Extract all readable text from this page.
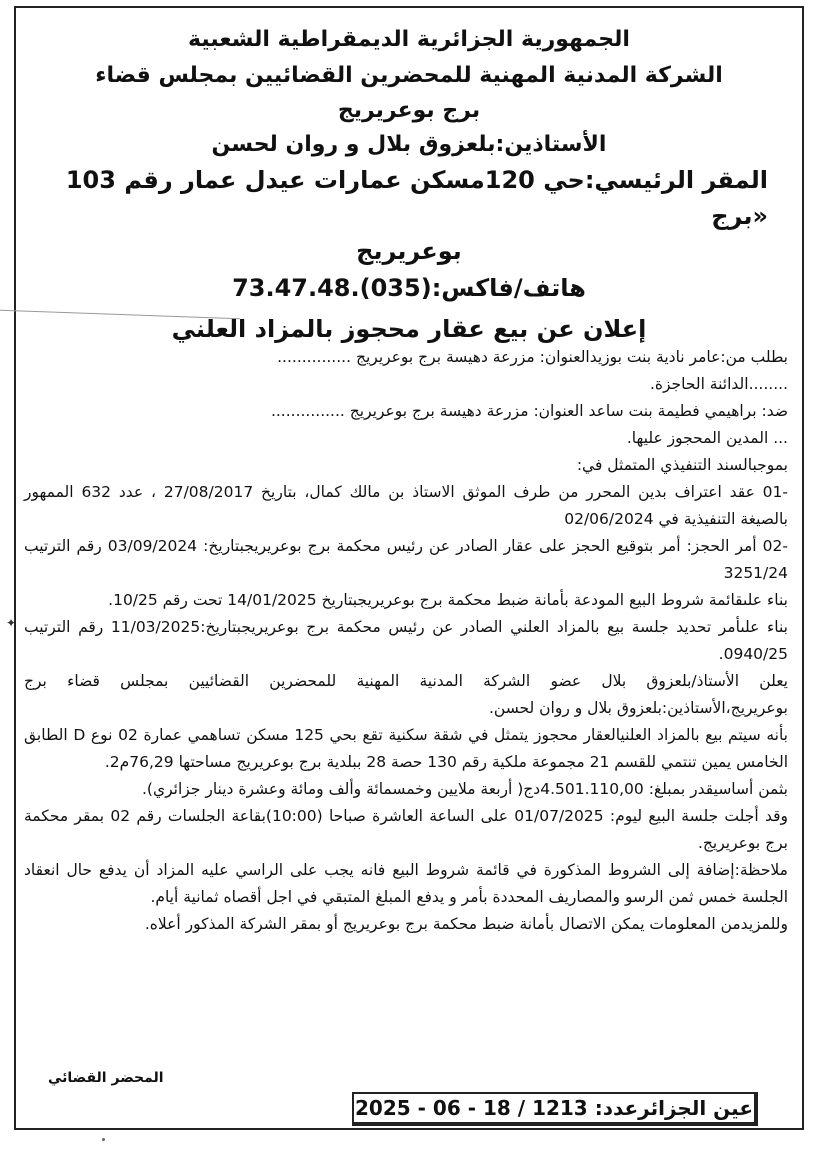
✦
الجمهورية الجزائرية الديمقراطية الشعبية
الشركة المدنية المهنية للمحضرين القضائيين بمجلس قضاء
برج بوعريريج
الأستاذين:بلعزوق بلال و روان لحسن
المقر الرئيسي:حي 120مسكن عمارات عيدل عمار رقم 103 «برج
بوعريريج
هاتف/فاكس:(035).73.47.48
إعلان عن بيع عقار محجوز بالمزاد العلني

بطلب من:عامر نادية بنت بوزيدالعنوان: مزرعة دهيسة برج بوعريريج ...............

........الدائنة الحاجزة.

ضد: براهيمي فطيمة بنت ساعد العنوان: مزرعة دهيسة برج بوعريريج ...............

... المدين المحجوز عليها.

بموجبالسند التنفيذي المتمثل في:

-01 عقد اعتراف بدين المحرر من طرف الموثق الاستاذ بن مالك كمال، بتاريخ 27/08/2017 ، عدد 632 الممهور بالصيغة التنفيذية في 02/06/2024

-02 أمر الحجز: أمر بتوقيع الحجز على عقار الصادر عن رئيس محكمة برج بوعريريجبتاريخ: 03/09/2024 رقم الترتيب 3251/24

بناء علىقائمة شروط البيع المودعة بأمانة ضبط محكمة برج بوعريريجبتاريخ 14/01/2025 تحت رقم 10/25.

بناء علىأمر تحديد جلسة بيع بالمزاد العلني الصادر عن رئيس محكمة برج بوعريريجبتاريخ:11/03/2025 رقم الترتيب 0940/25.

يعلن الأستاذ/بلعزوق بلال عضو الشركة المدنية المهنية للمحضرين القضائيين بمجلس قضاء برج بوعريريج،الأستاذين:بلعزوق بلال و روان لحسن.

بأنه سيتم بيع بالمزاد العلنيالعقار محجوز يتمثل في شقة سكنية تقع بحي 125 مسكن تساهمي عمارة 02 نوع D الطابق الخامس يمين تنتمي للقسم 21 مجموعة ملكية رقم 130 حصة 28 ببلدية برج بوعريريج مساحتها 76,29م2.

بثمن أساسيقدر بمبلغ: 4.501.110,00دج( أربعة ملايين وخمسمائة وألف ومائة وعشرة دينار جزائري).

وقد أجلت جلسة البيع ليوم: 01/07/2025 على الساعة العاشرة صباحا (10:00)بقاعة الجلسات رقم 02 بمقر محكمة برج بوعريريج.

ملاحظة:إضافة إلى الشروط المذكورة في قائمة شروط البيع فانه يجب على الراسي عليه المزاد أن يدفع حال انعقاد الجلسة خمس ثمن الرسو والمصاريف المحددة بأمر و يدفع المبلغ المتبقي في اجل أقصاه ثمانية أيام.

وللمزيدمن المعلومات يمكن الاتصال بأمانة ضبط محكمة برج بوعريريج أو بمقر الشركة المذكور أعلاه.

المحضر القضائي
عين الجزائرعدد: 1213 / 18 - 06 - 2025
